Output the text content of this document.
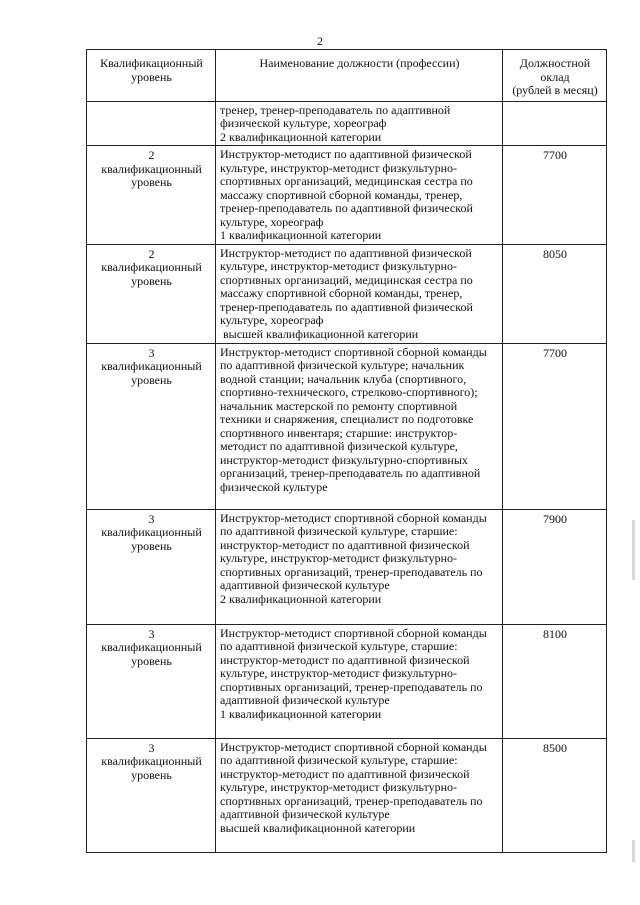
2
Квалификационный уровень	Наименование должности (профессии)	Должностной
оклад
(рублей в месяц)

	тренер, тренер-преподаватель по адаптивной физической культуре, хореограф
2 квалификационной категории	

2
квалификационный уровень	Инструктор-методист по адаптивной физической культуре, инструктор-методист физкультурно-спортивных организаций, медицинская сестра по массажу спортивной сборной команды, тренер, тренер-преподаватель по адаптивной физической культуре, хореограф
1 квалификационной категории	7700
2
квалификационный уровень	Инструктор-методист по адаптивной физической культуре, инструктор-методист физкультурно-спортивных организаций, медицинская сестра по массажу спортивной сборной команды, тренер, тренер-преподаватель по адаптивной физической культуре, хореограф
высшей квалификационной категории	8050
3
квалификационный уровень	Инструктор-методист спортивной сборной команды по адаптивной физической культуре; начальник водной станции; начальник клуба (спортивного, спортивно-технического, стрелково-спортивного); начальник мастерской по ремонту спортивной техники и снаряжения, специалист по подготовке спортивного инвентаря; старшие: инструктор-методист по адаптивной физической культуре, инструктор-методист физкультурно-спортивных организаций, тренер-преподаватель по адаптивной физической культуре	7700
3
квалификационный уровень	Инструктор-методист спортивной сборной команды по адаптивной физической культуре, старшие: инструктор-методист по адаптивной физической культуре, инструктор-методист физкультурно-спортивных организаций, тренер-преподаватель по адаптивной физической культуре
2 квалификационной категории	7900
3
квалификационный уровень	Инструктор-методист спортивной сборной команды по адаптивной физической культуре, старшие: инструктор-методист по адаптивной физической культуре, инструктор-методист физкультурно-спортивных организаций, тренер-преподаватель по адаптивной физической культуре
1 квалификационной категории	8100
3
квалификационный уровень	Инструктор-методист спортивной сборной команды по адаптивной физической культуре, старшие: инструктор-методист по адаптивной физической культуре, инструктор-методист физкультурно-спортивных организаций, тренер-преподаватель по адаптивной физической культуре
высшей квалификационной категории	8500
